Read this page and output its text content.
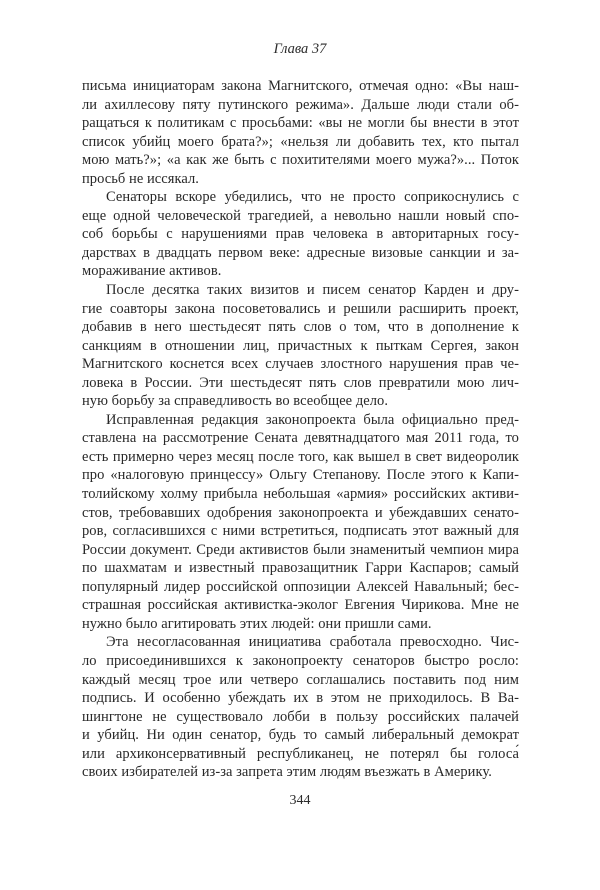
Глава 37
письма инициаторам закона Магнитского, отмечая одно: «Вы наш-
ли ахиллесову пяту путинского режима». Дальше люди стали об-
ращаться к политикам с просьбами: «вы не могли бы внести в этот
список убийц моего брата?»; «нельзя ли добавить тех, кто пытал
мою мать?»; «а как же быть с похитителями моего мужа?»... Поток
просьб не иссякал.
Сенаторы вскоре убедились, что не просто соприкоснулись с
еще одной человеческой трагедией, а невольно нашли новый спо-
соб борьбы с нарушениями прав человека в авторитарных госу-
дарствах в двадцать первом веке: адресные визовые санкции и за-
мораживание активов.
После десятка таких визитов и писем сенатор Карден и дру-
гие соавторы закона посоветовались и решили расширить проект,
добавив в него шестьдесят пять слов о том, что в дополнение к
санкциям в отношении лиц, причастных к пыткам Сергея, закон
Магнитского коснется всех случаев злостного нарушения прав че-
ловека в России. Эти шестьдесят пять слов превратили мою лич-
ную борьбу за справедливость во всеобщее дело.
Исправленная редакция законопроекта была официально пред-
ставлена на рассмотрение Сената девятнадцатого мая 2011 года, то
есть примерно через месяц после того, как вышел в свет видеоролик
про «налоговую принцессу» Ольгу Степанову. После этого к Капи-
толийскому холму прибыла небольшая «армия» российских активи-
стов, требовавших одобрения законопроекта и убеждавших сенато-
ров, согласившихся с ними встретиться, подписать этот важный для
России документ. Среди активистов были знаменитый чемпион мира
по шахматам и известный правозащитник Гарри Каспаров; самый
популярный лидер российской оппозиции Алексей Навальный; бес-
страшная российская активистка-эколог Евгения Чирикова. Мне не
нужно было агитировать этих людей: они пришли сами.
Эта несогласованная инициатива сработала превосходно. Чис-
ло присоединившихся к законопроекту сенаторов быстро росло:
каждый месяц трое или четверо соглашались поставить под ним
подпись. И особенно убеждать их в этом не приходилось. В Ва-
шингтоне не существовало лобби в пользу российских палачей
и убийц. Ни один сенатор, будь то самый либеральный демократ
или архиконсервативный республиканец, не потерял бы голоса́
своих избирателей из-за запрета этим людям въезжать в Америку.
344
